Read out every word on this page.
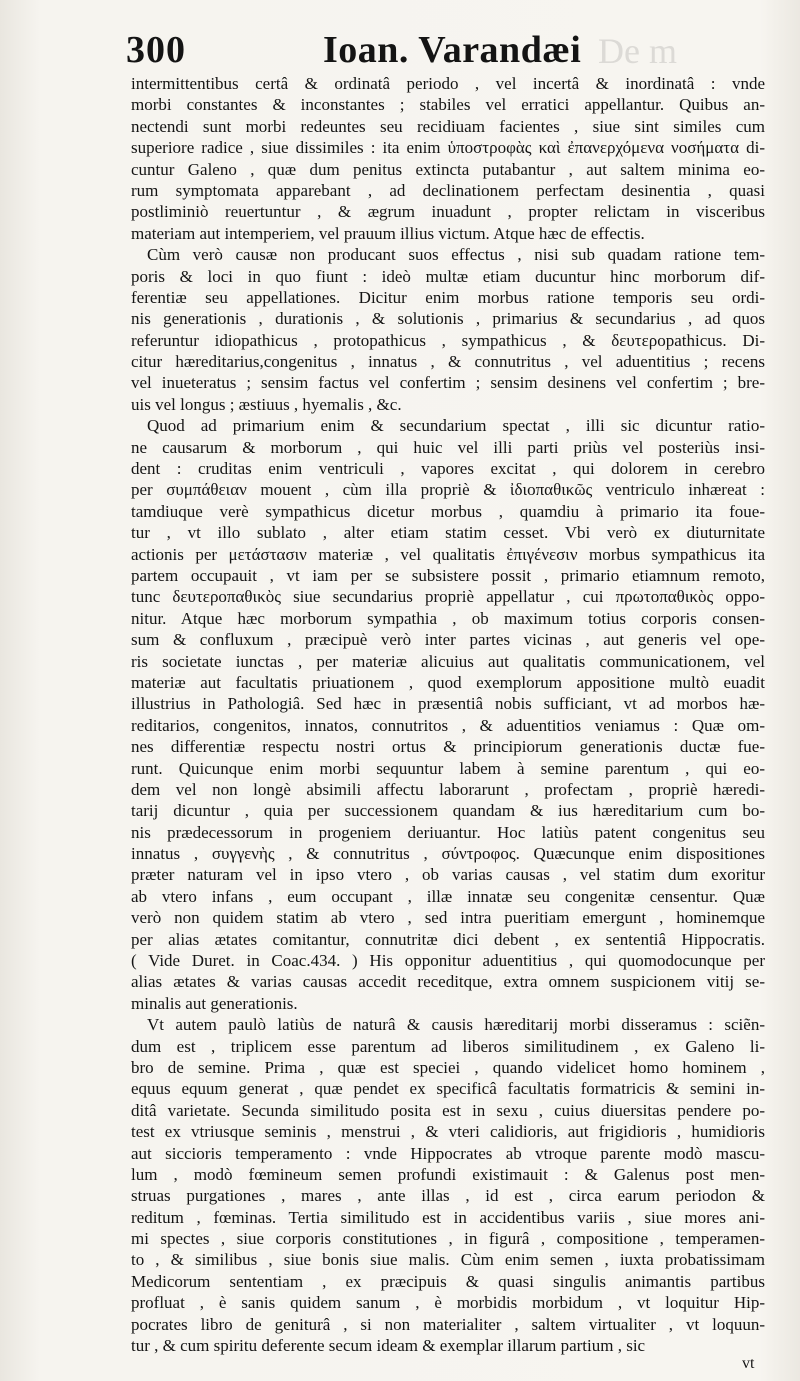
300	Ioan. Varandæi De m
intermittentibus certâ & ordinatâ periodo , vel incertâ & inordinatâ : vnde
morbi constantes & inconstantes ; stabiles vel erratici appellantur. Quibus an-
nectendi sunt morbi redeuntes seu recidiuam facientes , siue sint similes cum
superiore radice , siue dissimiles : ita enim ὑποστροφὰς καὶ ἐπανερχόμενα νοσήματα di-
cuntur Galeno , quæ dum penitus extincta putabantur , aut saltem minima eo-
rum symptomata apparebant , ad declinationem perfectam desinentia , quasi
postliminiò reuertuntur , & ægrum inuadunt , propter relictam in visceribus
materiam aut intemperiem, vel prauum illius victum. Atque hæc de effectis.
Cùm verò causæ non producant suos effectus , nisi sub quadam ratione tem-
poris & loci in quo fiunt : ideò multæ etiam ducuntur hinc morborum dif-
ferentiæ seu appellationes. Dicitur enim morbus ratione temporis seu ordi-
nis generationis , durationis , & solutionis , primarius & secundarius , ad quos
referuntur idiopathicus , protopathicus , sympathicus , & δευτεροpathicus. Di-
citur hæreditarius,congenitus , innatus , & connutritus , vel aduentitius ; recens
vel inueteratus ; sensim factus vel confertim ; sensim desinens vel confertim ; bre-
uis vel longus ; æstiuus , hyemalis , &c.
Quod ad primarium enim & secundarium spectat , illi sic dicuntur ratio-
ne causarum & morborum , qui huic vel illi parti priùs vel posteriùs insi-
dent : cruditas enim ventriculi , vapores excitat , qui dolorem in cerebro
per συμπάθειαν mouent , cùm illa propriè & ἰδιοπαθικῶς ventriculo inhæreat :
tamdiuque verè sympathicus dicetur morbus , quamdiu à primario ita foue-
tur , vt illo sublato , alter etiam statim cesset. Vbi verò ex diuturnitate
actionis per μετάστασιν materiæ , vel qualitatis ἐπιγένεσιν morbus sympathicus ita
partem occupauit , vt iam per se subsistere possit , primario etiamnum remoto,
tunc δευτεροπαθικὸς siue secundarius propriè appellatur , cui πρωτοπαθικὸς oppo-
nitur. Atque hæc morborum sympathia , ob maximum totius corporis consen-
sum & confluxum , præcipuè verò inter partes vicinas , aut generis vel ope-
ris societate iunctas , per materiæ alicuius aut qualitatis communicationem, vel
materiæ aut facultatis priuationem , quod exemplorum appositione multò euadit
illustrius in Pathologiâ. Sed hæc in præsentiâ nobis sufficiant, vt ad morbos hæ-
reditarios, congenitos, innatos, connutritos , & aduentitios veniamus : Quæ om-
nes differentiæ respectu nostri ortus & principiorum generationis ductæ fue-
runt. Quicunque enim morbi sequuntur labem à semine parentum , qui eo-
dem vel non longè absimili affectu laborarunt , profectam , propriè hæredi-
tarij dicuntur , quia per successionem quandam & ius hæreditarium cum bo-
nis prædecessorum in progeniem deriuantur. Hoc latiùs patent congenitus seu
innatus , συγγενὴς , & connutritus , σύντροφος. Quæcunque enim dispositiones
præter naturam vel in ipso vtero , ob varias causas , vel statim dum exoritur
ab vtero infans , eum occupant , illæ innatæ seu congenitæ censentur. Quæ
verò non quidem statim ab vtero , sed intra pueritiam emergunt , hominemque
per alias ætates comitantur, connutritæ dici debent , ex sententiâ Hippocratis.
( Vide Duret. in Coac.434. ) His opponitur aduentitius , qui quomodocunque per
alias ætates & varias causas accedit receditque, extra omnem suspicionem vitij se-
minalis aut generationis.
Vt autem paulò latiùs de naturâ & causis hæreditarij morbi disseramus : sciẽn-
dum est , triplicem esse parentum ad liberos similitudinem , ex Galeno li-
bro de semine. Prima , quæ est speciei , quando videlicet homo hominem ,
equus equum generat , quæ pendet ex specificâ facultatis formatricis & semini in-
ditâ varietate. Secunda similitudo posita est in sexu , cuius diuersitas pendere po-
test ex vtriusque seminis , menstrui , & vteri calidioris, aut frigidioris , humidioris
aut siccioris temperamento : vnde Hippocrates ab vtroque parente modò mascu-
lum , modò fœmineum semen profundi existimauit : & Galenus post men-
struas purgationes , mares , ante illas , id est , circa earum periodon &
reditum , fœminas. Tertia similitudo est in accidentibus variis , siue mores ani-
mi spectes , siue corporis constitutiones , in figurâ , compositione , temperamen-
to , & similibus , siue bonis siue malis. Cùm enim semen , iuxta probatissimam
Medicorum sententiam , ex præcipuis & quasi singulis animantis partibus
profluat , è sanis quidem sanum , è morbidis morbidum , vt loquitur Hip-
pocrates libro de geniturâ , si non materialiter , saltem virtualiter , vt loquun-
tur , & cum spiritu deferente secum ideam & exemplar illarum partium , sic
vt
